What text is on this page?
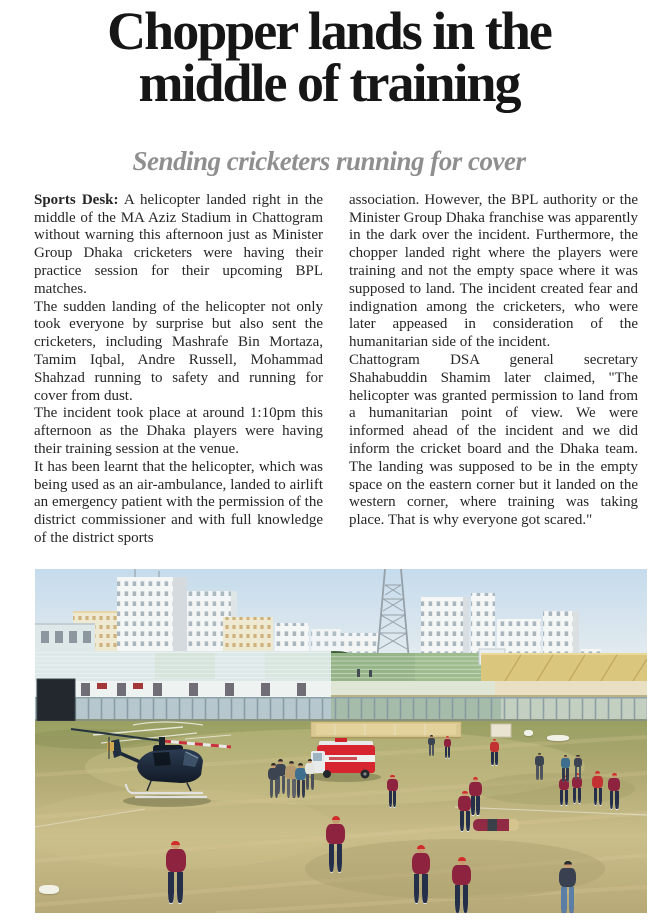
Chopper lands in the
middle of training
Sending cricketers running for cover

Sports Desk: A helicopter landed right in the middle of the MA Aziz Stadium in Chattogram without warning this afternoon just as Minister Group Dhaka cricketers were having their practice session for their upcoming BPL matches.

The sudden landing of the helicopter not only took everyone by surprise but also sent the cricketers, including Mashrafe Bin Mortaza, Tamim Iqbal, Andre Russell, Mohammad Shahzad running to safety and running for cover from dust.

The incident took place at around 1:10pm this afternoon as the Dhaka players were having their training session at the venue.

It has been learnt that the helicopter, which was being used as an air-ambulance, landed to airlift an emergency patient with the permission of the district commissioner and with full knowledge of the district sports

association. However, the BPL authority or the Minister Group Dhaka franchise was apparently in the dark over the incident. Furthermore, the chopper landed right where the players were training and not the empty space where it was supposed to land. The incident created fear and indignation among the cricketers, who were later appeased in consideration of the humanitarian side of the incident.

Chattogram DSA general secretary Shahabuddin Shamim later claimed, "The helicopter was granted permission to land from a humanitarian point of view. We were informed ahead of the incident and we did inform the cricket board and the Dhaka team. The landing was supposed to be in the empty space on the eastern corner but it landed on the western corner, where training was taking place. That is why everyone got scared."
